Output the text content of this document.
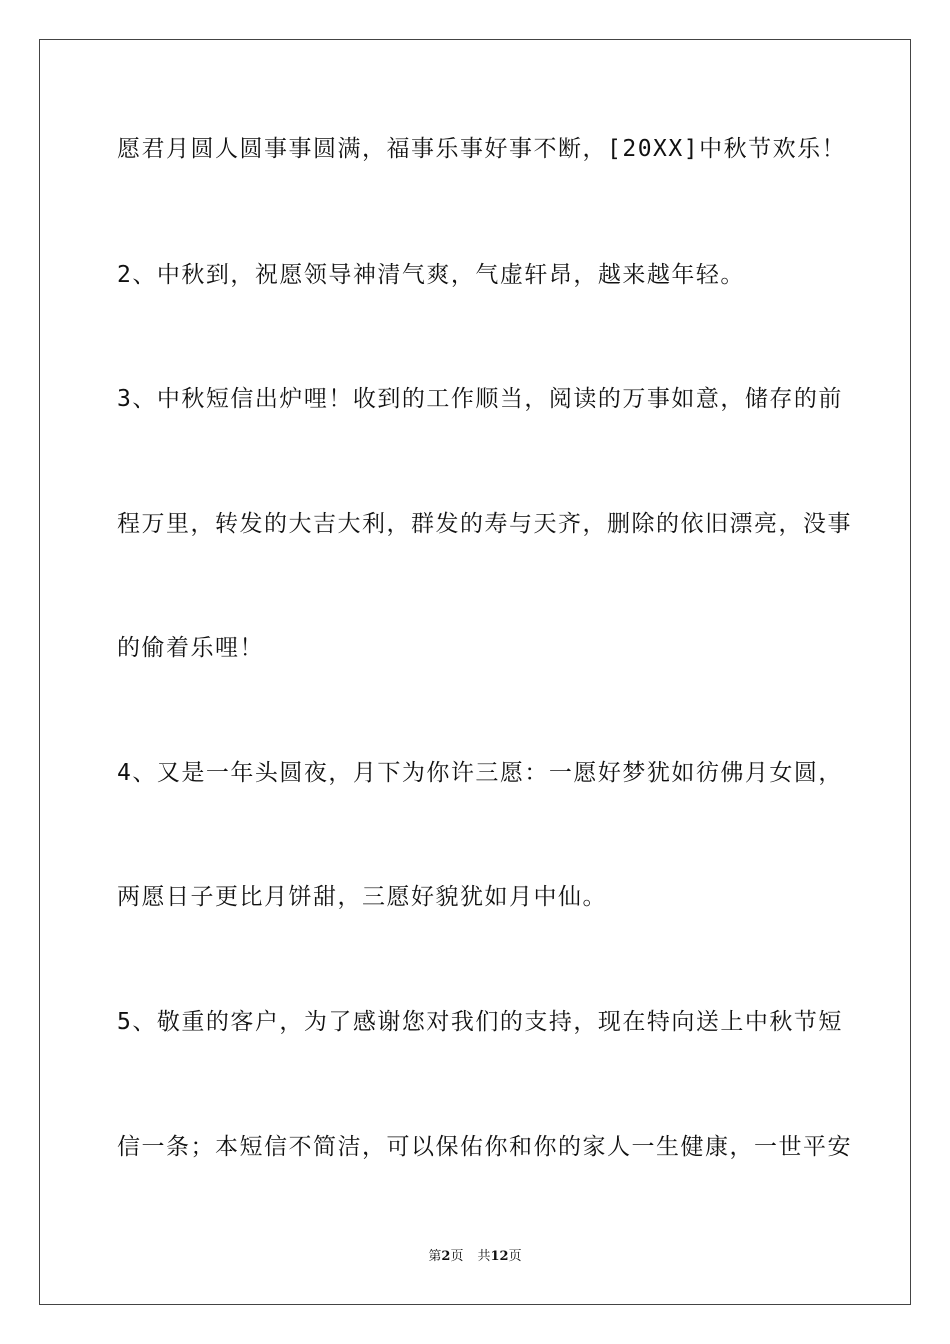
愿君月圆人圆事事圆满，福事乐事好事不断，[20XX]中秋节欢乐！
2、中秋到，祝愿领导神清气爽，气虚轩昂，越来越年轻。
3、中秋短信出炉哩！收到的工作顺当，阅读的万事如意，储存的前
程万里，转发的大吉大利，群发的寿与天齐，删除的依旧漂亮，没事
的偷着乐哩！
4、又是一年头圆夜，月下为你许三愿：一愿好梦犹如彷佛月女圆，
两愿日子更比月饼甜，三愿好貌犹如月中仙。
5、敬重的客户，为了感谢您对我们的支持，现在特向送上中秋节短
信一条；本短信不简洁，可以保佑你和你的家人一生健康，一世平安
第2页 共12页
